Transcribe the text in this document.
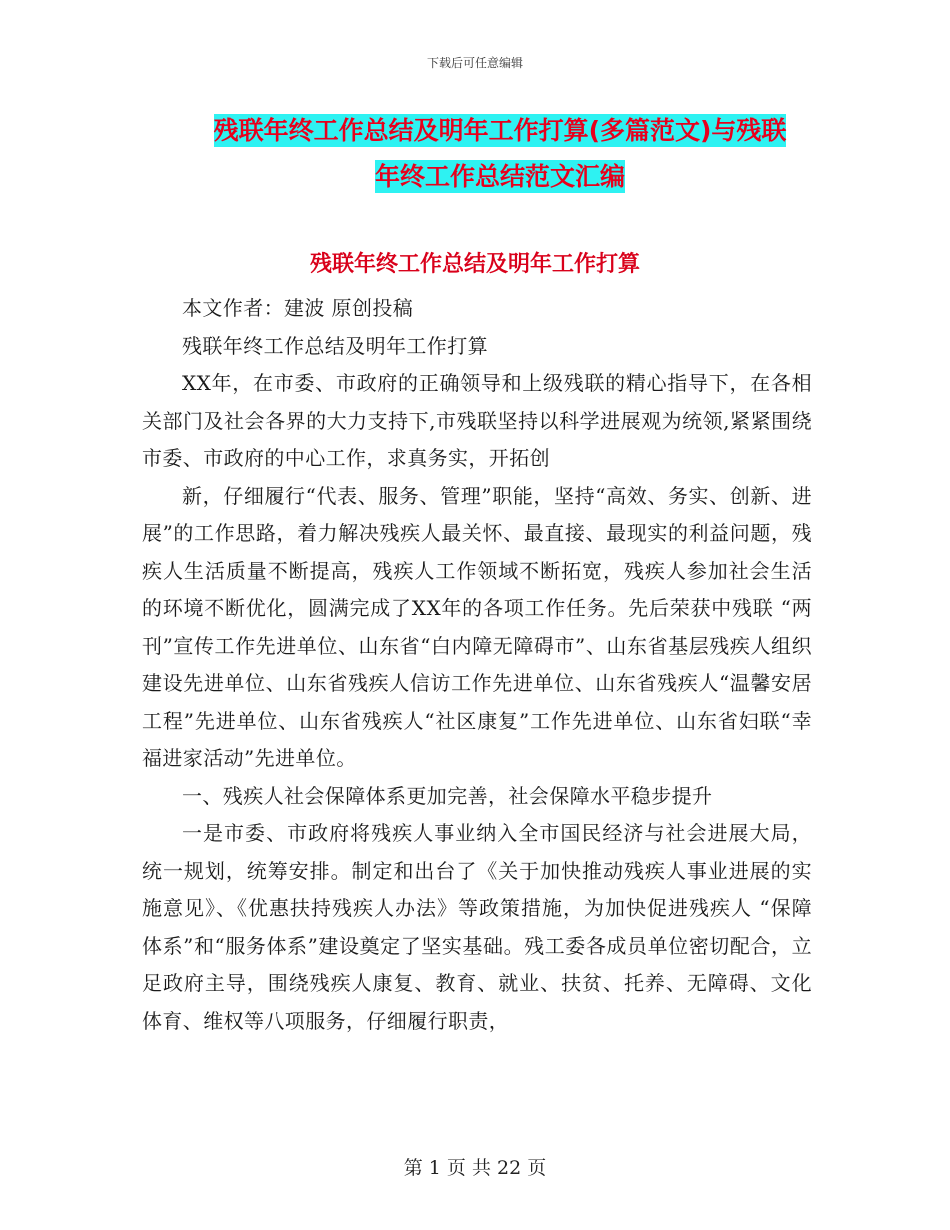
下载后可任意编辑
残联年终工作总结及明年工作打算(多篇范文)与残联
年终工作总结范文汇编
残联年终工作总结及明年工作打算

本文作者：建波 原创投稿

残联年终工作总结及明年工作打算

XX年，在市委、市政府的正确领导和上级残联的精心指导下，在各相关部门及社会各界的大力支持下,市残联坚持以科学进展观为统领,紧紧围绕市委、市政府的中心工作，求真务实，开拓创

新，仔细履行“代表、服务、管理”职能，坚持“高效、务实、创新、进展”的工作思路，着力解决残疾人最关怀、最直接、最现实的利益问题，残疾人生活质量不断提高，残疾人工作领域不断拓宽，残疾人参加社会生活的环境不断优化，圆满完成了XX年的各项工作任务。先后荣获中残联 “两刊”宣传工作先进单位、山东省“白内障无障碍市”、山东省基层残疾人组织建设先进单位、山东省残疾人信访工作先进单位、山东省残疾人“温馨安居工程”先进单位、山东省残疾人“社区康复”工作先进单位、山东省妇联“幸福进家活动”先进单位。

一、残疾人社会保障体系更加完善，社会保障水平稳步提升

一是市委、市政府将残疾人事业纳入全市国民经济与社会进展大局，统一规划，统筹安排。制定和出台了《关于加快推动残疾人事业进展的实施意见》、《优惠扶持残疾人办法》等政策措施，为加快促进残疾人 “保障体系”和“服务体系”建设奠定了坚实基础。残工委各成员单位密切配合，立足政府主导，围绕残疾人康复、教育、就业、扶贫、托养、无障碍、文化体育、维权等八项服务，仔细履行职责，

第 1 页 共 22 页
